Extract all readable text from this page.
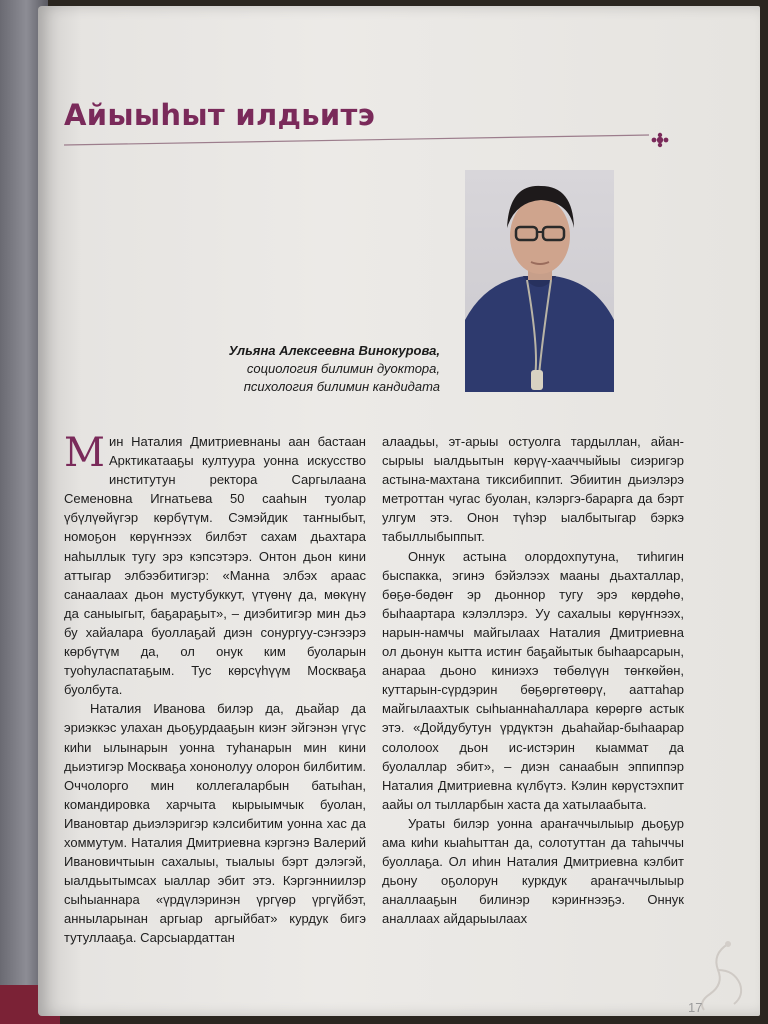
Айыыһыт илдьитэ
Ульяна Алексеевна Винокурова,
социология билимин дуоктора,
психология билимин кандидата

Мин Наталия Дмитриевнаны аан бастаан Арктикатааҕы култуура уонна искусство институтун ректора Саргылаана Семеновна Игнатьева 50 сааһын туолар үбүлүөйүгэр көрбүтүм. Сэмэйдик таҥныбыт, номоҕон көрүҥнээх билбэт сахам дьахтара наһыллык тугу эрэ кэпсэтэрэ. Онтон дьон кини аттыгар элбээбитигэр: «Манна элбэх араас санаалаах дьон мустубуккут, үтүөнү да, мөкүнү да саныыгыт, баҕараҕыт», – диэбитигэр мин дьэ бу хайалара буоллаҕай диэн сонургуу-сэҥээрэ көрбүтүм да, ол онук ким буоларын туоһуласпатаҕым. Тус көрсүһүүм Москваҕа буолбута.

Наталия Иванова билэр да, дьайар да эриэккэс улахан дьоҕурдааҕын киэҥ эйгэнэн үгүс киһи ылынарын уонна туһанарын мин кини дьиэтигэр Москваҕа хононолуу олорон билбитим. Оччолорго мин коллегаларбын батыһан, командировка харчыта кырыымчык буолан, Ивановтар дьиэлэригэр кэлсибитим уонна хас да хоммутум. Наталия Дмитриевна кэргэнэ Валерий Ивановичтыын сахалыы, тыалыы бэрт дэлэгэй, ыалдьытымсах ыаллар эбит этэ. Кэргэнниилэр сыһыаннара «үрдүлэринэн үргүөр үргүйбэт, анныларынан аргыар аргыйбат» курдук бигэ тутуллааҕа. Сарсыардаттан

алаадьы, эт-арыы остуолга тардыллан, айан-сырыы ыалдьытын көрүү-хааччыйыы сиэригэр астына-махтана тиксибиппит. Эбиитин дьиэлэрэ метроттан чугас буолан, кэлэргэ-барарга да бэрт улгум этэ. Онон түһэр ыалбытыгар бэркэ табыллыбыппыт.

Оннук астына олордохпутуна, тиһигин быспакка, эгинэ бэйэлээх мааны дьахталлар, бөҕө-бөдөҥ эр дьоннор тугу эрэ көрдөһө, быһаартара кэлэллэрэ. Уу сахалыы көрүҥнээх, нарын-намчы майгылаах Наталия Дмитриевна ол дьонун кытта истиҥ баҕайытык быһаарсарын, анараа дьоно киниэхэ төбөлүүн төҥкөйөн, куттарын-сүрдэрин бөҕөргөтөөрү, ааттаһар майгылаахтык сыһыаннаһаллара көрөргө астык этэ. «Дойдубутун үрдүктэн дьаһайар-быһаарар сололоох дьон ис-истэрин кыаммат да буолаллар эбит», – диэн санаабын эппиппэр Наталия Дмитриевна күлбүтэ. Кэлин көрүстэхпит аайы ол тылларбын хаста да хатылаабыта.

Ураты билэр уонна араҥаччылыыр дьоҕур ама киһи кыаһыттан да, солотуттан да таһыччы буоллаҕа. Ол иһин Наталия Дмитриевна кэлбит дьону оҕолорун куркдук араҥаччылыыр аналлааҕын билинэр кэриҥнээҕэ. Оннук аналлаах айдарыылаах

17
